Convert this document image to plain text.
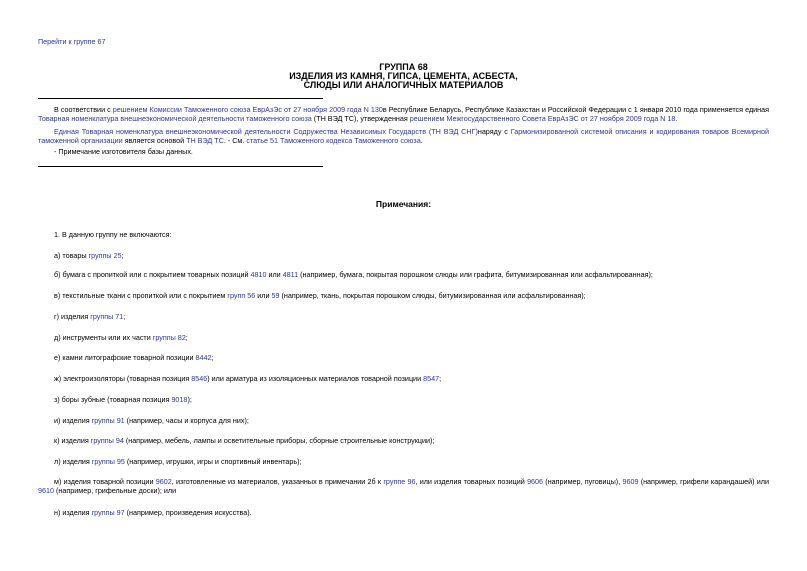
Перейти к группе 67
ГРУППА 68
ИЗДЕЛИЯ ИЗ КАМНЯ, ГИПСА, ЦЕМЕНТА, АСБЕСТА,
СЛЮДЫ ИЛИ АНАЛОГИЧНЫХ МАТЕРИАЛОВ
В соответствии с решением Комиссии Таможенного союза ЕврАзЭс от 27 ноября 2009 года N 130в Республике Беларусь, Республике Казахстан и Российской Федерации с 1 января 2010 года применяется единая Товарная номенклатура внешнеэкономической деятельности таможенного союза (ТН ВЭД ТС), утвержденная решением Межгосударственного Совета ЕврАзЭС от 27 ноября 2009 года N 18.
Единая Товарная номенклатура внешнеэкономической деятельности Содружества Независимых Государств (ТН ВЭД СНГ)наряду с Гармонизированной системой описания и кодирования товаров Всемирной таможенной организации является основой ТН ВЭД ТС. - См. статье 51 Таможенного кодекса Таможенного союза.
- Примечание изготовителя базы данных.
Примечания:
1. В данную группу не включаются:
а) товары группы 25;
б) бумага с пропиткой или с покрытием товарных позиций 4810 или 4811 (например, бумага, покрытая порошком слюды или графита, битумизированная или асфальтированная);
в) текстильные ткани с пропиткой или с покрытием групп 56 или 59 (например, ткань, покрытая порошком слюды, битумизированная или асфальтированная);
г) изделия группы 71;
д) инструменты или их части группы 82;
е) камни литографские товарной позиции 8442;
ж) электроизоляторы (товарная позиция 8546) или арматура из изоляционных материалов товарной позиции 8547;
з) боры зубные (товарная позиция 9018);
и) изделия группы 91 (например, часы и корпуса для них);
к) изделия группы 94 (например, мебель, лампы и осветительные приборы, сборные строительные конструкции);
л) изделия группы 95 (например, игрушки, игры и спортивный инвентарь);
м) изделия товарной позиции 9602, изготовленные из материалов, указанных в примечании 2б к группе 96, или изделия товарных позиций 9606 (например, пуговицы), 9609 (например, грифели карандашей) или 9610 (например, грифельные доски); или
н) изделия группы 97 (например, произведения искусства).
